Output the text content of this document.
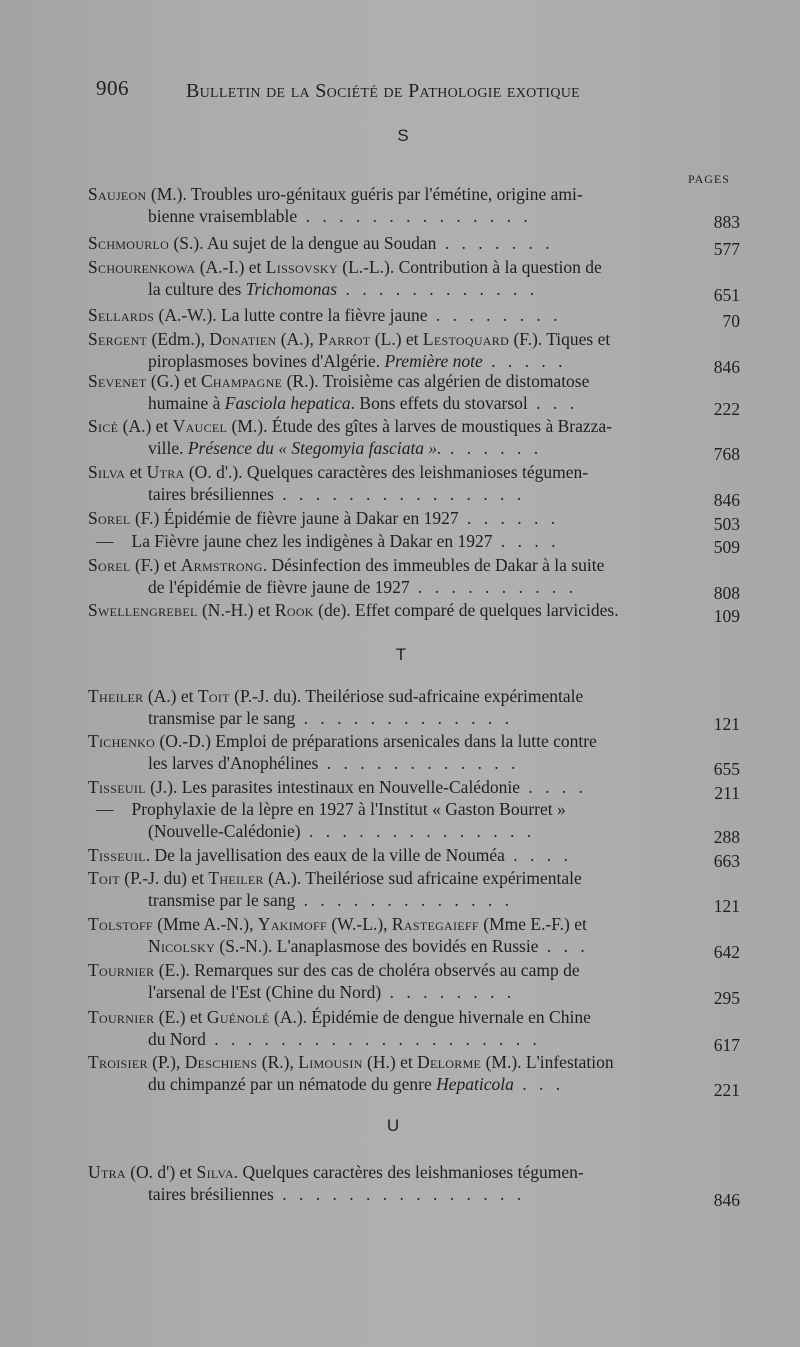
906	Bulletin de la Société de Pathologie exotique
S
PAGES
Saujeon (M.). Troubles uro-génitaux guéris par l'émétine, origine ami-
bienne vraisemblable . . . . . . . . . . . . . .	883
Schmourlo (S.). Au sujet de la dengue au Soudan . . . . . . .	577
Schourenkowa (A.-I.) et Lissovsky (L.-L.). Contribution à la question de
la culture des Trichomonas . . . . . . . . . . . .	651
Sellards (A.-W.). La lutte contre la fièvre jaune . . . . . . . .	70
Sergent (Edm.), Donatien (A.), Parrot (L.) et Lestoquard (F.). Tiques et
piroplasmoses bovines d'Algérie. Première note . . . . .	846
Sevenet (G.) et Champagne (R.). Troisième cas algérien de distomatose
humaine à Fasciola hepatica. Bons effets du stovarsol . . .	222
Sicé (A.) et Vaucel (M.). Étude des gîtes à larves de moustiques à Brazza-
ville. Présence du « Stegomyia fasciata ». . . . . . .	768
Silva et Utra (O. d'.). Quelques caractères des leishmanioses tégumen-
taires brésiliennes . . . . . . . . . . . . . . .	846
Sorel (F.) Épidémie de fièvre jaune à Dakar en 1927 . . . . . .	503
— La Fièvre jaune chez les indigènes à Dakar en 1927 . . . .	509
Sorel (F.) et Armstrong. Désinfection des immeubles de Dakar à la suite
de l'épidémie de fièvre jaune de 1927 . . . . . . . . . .	808
Swellengrebel (N.-H.) et Rook (de). Effet comparé de quelques larvicides.	109
T
Theiler (A.) et Toit (P.-J. du). Theilériose sud-africaine expérimentale
transmise par le sang . . . . . . . . . . . . .	121
Tichenko (O.-D.) Emploi de préparations arsenicales dans la lutte contre
les larves d'Anophélines . . . . . . . . . . . .	655
Tisseuil (J.). Les parasites intestinaux en Nouvelle-Calédonie . . . .	211
— Prophylaxie de la lèpre en 1927 à l'Institut « Gaston Bourret »
(Nouvelle-Calédonie) . . . . . . . . . . . . . .	288
Tisseuil. De la javellisation des eaux de la ville de Nouméa . . . .	663
Toit (P.-J. du) et Theiler (A.). Theilériose sud africaine expérimentale
transmise par le sang . . . . . . . . . . . . .	121
Tolstoff (Mme A.-N.), Yakimoff (W.-L.), Rastegaieff (Mme E.-F.) et
Nicolsky (S.-N.). L'anaplasmose des bovidés en Russie . . .	642
Tournier (E.). Remarques sur des cas de choléra observés au camp de
l'arsenal de l'Est (Chine du Nord) . . . . . . . .	295
Tournier (E.) et Guénolé (A.). Épidémie de dengue hivernale en Chine
du Nord . . . . . . . . . . . . . . . . . . . .	617
Troisier (P.), Deschiens (R.), Limousin (H.) et Delorme (M.). L'infestation
du chimpanzé par un nématode du genre Hepaticola . . .	221
U
Utra (O. d') et Silva. Quelques caractères des leishmanioses tégumen-
taires brésiliennes . . . . . . . . . . . . . . .	846
